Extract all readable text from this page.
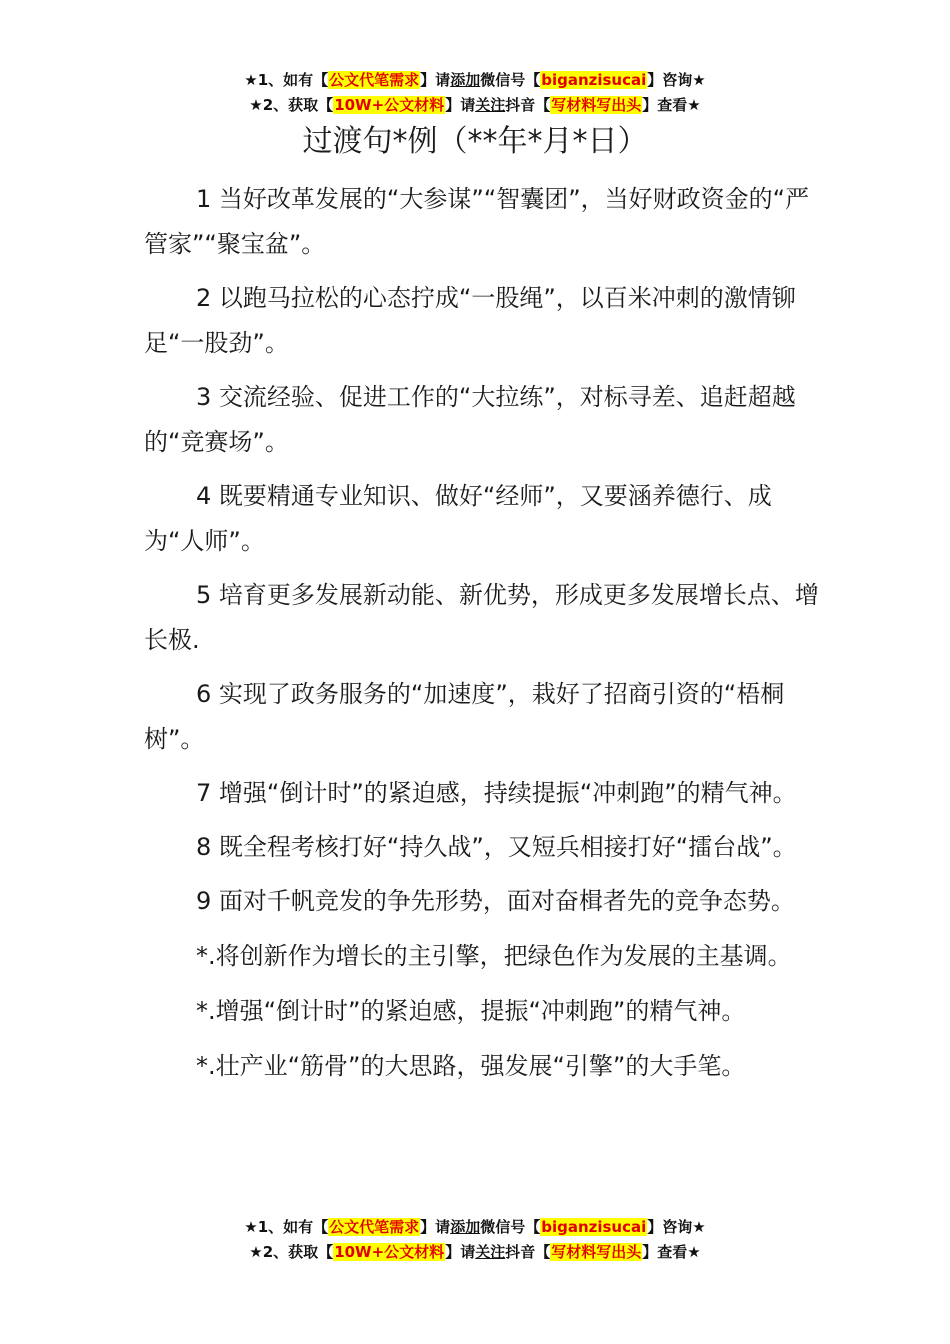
★1、如有【公文代笔需求】请添加微信号【biganzisucai】咨询★
★2、获取【10W+公文材料】请关注抖音【写材料写出头】查看★
过渡句*例（**年*月*日）

1 当好改革发展的“大参谋”“智囊团”，当好财政资金的“严管家”“聚宝盆”。

2 以跑马拉松的心态拧成“一股绳”，以百米冲刺的激情铆足“一股劲”。

3 交流经验、促进工作的“大拉练”，对标寻差、追赶超越的“竞赛场”。

4 既要精通专业知识、做好“经师”，又要涵养德行、成为“人师”。

5 培育更多发展新动能、新优势，形成更多发展增长点、增长极.

6 实现了政务服务的“加速度”，栽好了招商引资的“梧桐树”。

7 增强“倒计时”的紧迫感，持续提振“冲刺跑”的精气神。

8 既全程考核打好“持久战”，又短兵相接打好“擂台战”。

9 面对千帆竞发的争先形势，面对奋楫者先的竞争态势。

*.将创新作为增长的主引擎，把绿色作为发展的主基调。

*.增强“倒计时”的紧迫感，提振“冲刺跑”的精气神。

*.壮产业“筋骨”的大思路，强发展“引擎”的大手笔。

★1、如有【公文代笔需求】请添加微信号【biganzisucai】咨询★
★2、获取【10W+公文材料】请关注抖音【写材料写出头】查看★
